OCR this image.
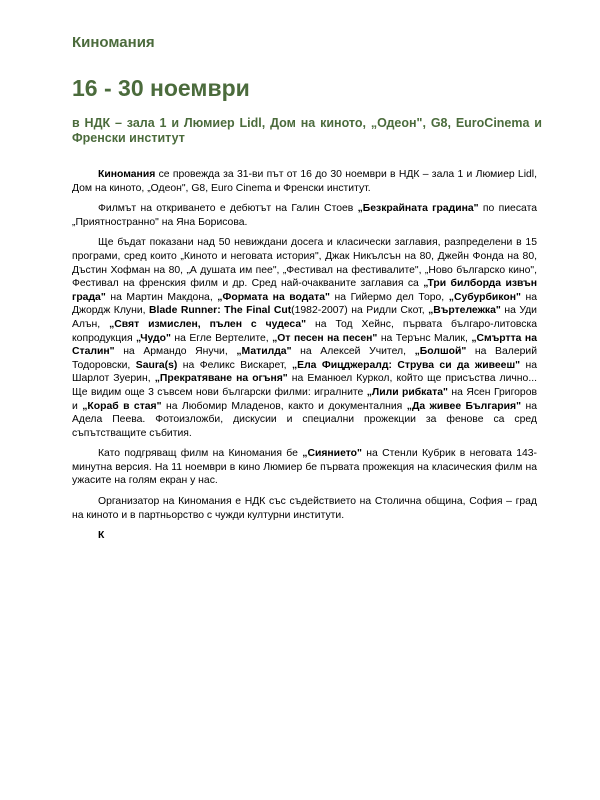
Киномания
16 - 30 ноември
в НДК – зала 1 и Люмиер Lidl, Дом на киното, „Одеон", G8, EuroCinema и Френски институт

Киномания се провежда за 31-ви път от 16 до 30 ноември в НДК – зала 1 и Люмиер Lidl, Дом на киното, „Одеон", G8, Euro Cinema и Френски институт.

Филмът на откриването е дебютът на Галин Стоев „Безкрайната градина" по пиесата „Приятностранно" на Яна Борисова.

Ще бъдат показани над 50 невиждани досега и класически заглавия, разпределени в 15 програми, сред които „Киното и неговата история", Джак Никълсън на 80, Джейн Фонда на 80, Дъстин Хофман на 80, „А душата им пее", „Фестивал на фестивалите", „Ново българско кино", Фестивал на френския филм и др. Сред най-очакваните заглавия са „Три билборда извън града" на Мартин Макдона, „Формата на водата" на Гийермо дел Торо, „Субурбикон" на Джордж Клуни, Blade Runner: The Final Cut(1982-2007) на Ридли Скот, „Въртележка" на Уди Алън, „Свят измислен, пълен с чудеса" на Тод Хейнс, първата българо-литовска копродукция „Чудо" на Егле Вертелите, „От песен на песен" на Терънс Малик, „Смъртта на Сталин" на Армандо Янучи, „Матилда" на Алексей Учител, „Болшой" на Валерий Тодоровски, Saura(s) на Феликс Вискарет, „Ела Фицджералд: Струва си да живееш" на Шарлот Зуерин, „Прекратяване на огъня" на Еманюел Куркол, който ще присъства лично... Ще видим още 3 съвсем нови български филми: игралните „Лили рибката" на Ясен Григоров и „Кораб в стая" на Любомир Младенов, както и документалния „Да живее България" на Адела Пеева. Фотоизложби, дискусии и специални прожекции за феновe са сред съпътстващите събития.

Като подгряващ филм на Киномания бе „Сиянието" на Стенли Кубрик в неговата 143-минутна версия. На 11 ноември в кино Люмиер бе първата прожекция на класическия филм на ужасите на голям екран у нас.

Организатор на Киномания е НДК със съдействието на Столична община, София – град на киното и в партньорство с чужди културни институти.

К
